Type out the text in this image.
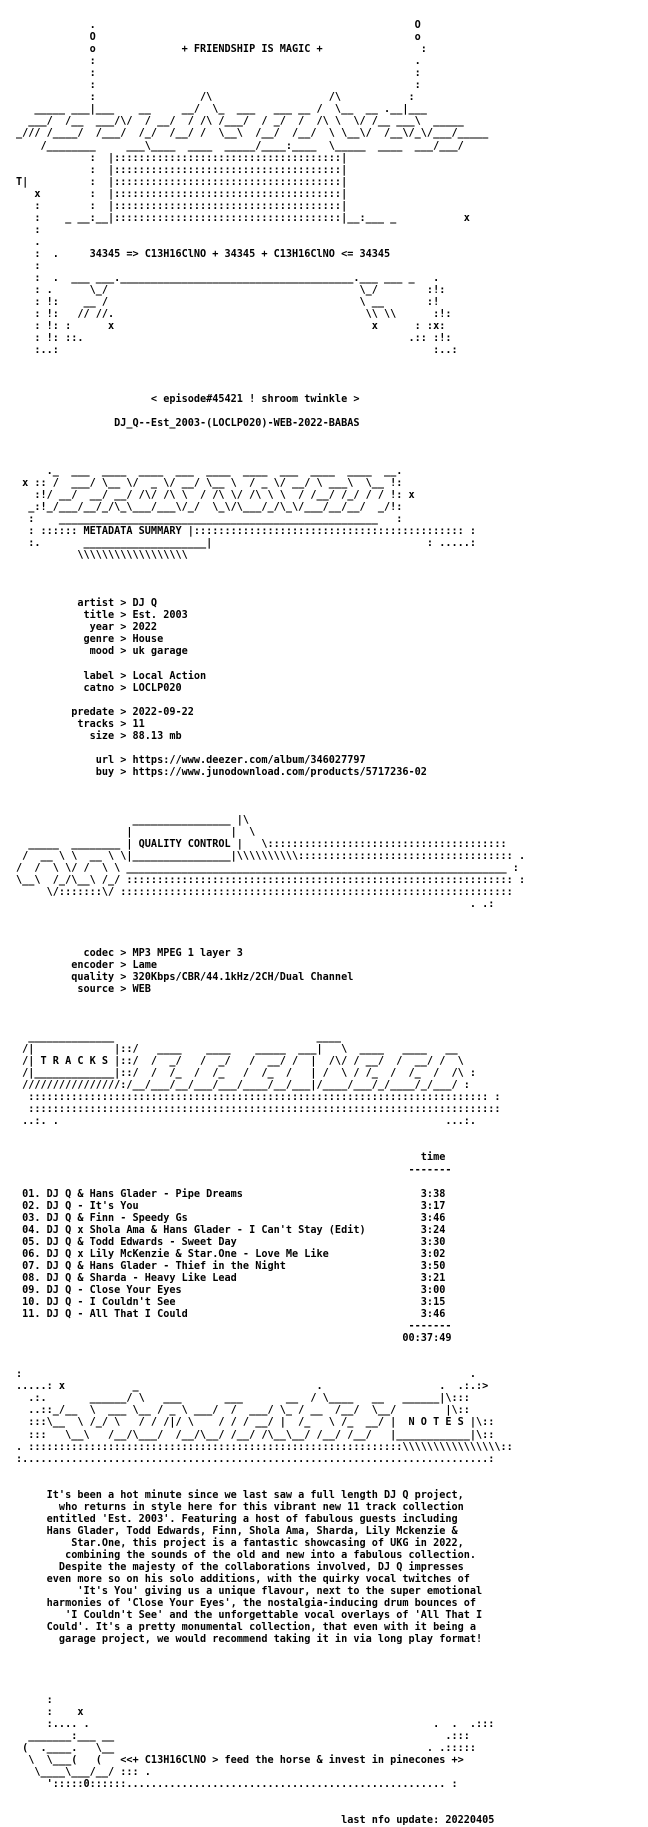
.                                                    O
O                                                    o
o              + FRIENDSHIP IS MAGIC +                :
:                                                    .
:                                                    :
:                                                    :
:                 /\                   /\           :
_____ ___|___    __     __/  \_  ___   ___ __ /  \__  __ .__|___
___/  /__  ___/\/  / __/  / /\ /___/  / _/  /  /\ \  \/ /__ ___\  _____
_/// /____/  /___/  /_/  /__/ /  \__\  /__/  /__/  \ \__\/  /__\/_\/___/_____
/________     ___\____  ____  _____/____:____  \_____  ____  ___/___/
:  |:::::::::::::::::::::::::::::::::::::|
:  |:::::::::::::::::::::::::::::::::::::|
T|          :  |:::::::::::::::::::::::::::::::::::::|
x        :  |:::::::::::::::::::::::::::::::::::::|
:        :  |:::::::::::::::::::::::::::::::::::::|
:    _ __:__|:::::::::::::::::::::::::::::::::::::|__:___ _           x
:
.
:  .     34345 => C13H16ClNO + 34345 + C13H16ClNO <= 34345
:
:  .  ___ ___.______________________________________.___ ___ _   .
: .      \_/                                         \_/        :!:
: !:    __ /                                         \ __       :!
: !:   // //.                                         \\ \\      :!:
: !: :      x                                          x      : :x:
: !: ::.                                                     .:: :!:
:..:                                                             :..:

< episode#45421 ! shroom twinkle >

DJ_Q--Est_2003-(LOCLP020)-WEB-2022-BABAS

._  ___  ____  ____  ___  ____  ____  ___  ____  ____  __.
x :: /  ___/ \__ \/  _ \/ __/ \__ \  / _ \/ __/ \ ___\  \__ !:
:!/ __/  __/ __/ /\/ /\ \  / /\ \/ /\ \ \  / /__/ /_/ / / !: x
_:!_/___/__/_/\_\___/___\/_/  \_\/\___/_/\_\/___/__/__/  _/!:
:    ____________________________________________________   :
: :::::: METADATA SUMMARY |:::::::::::::::::::::::::::::::::::::::::::: :
:.       ____________________|                                   : .....:
\\\\\\\\\\\\\\\\\\

artist > DJ Q
title > Est. 2003
year > 2022
genre > House
mood > uk garage

label > Local Action
catno > LOCLP020

predate > 2022-09-22
tracks > 11
size > 88.13 mb

url > https://www.deezer.com/album/346027797
buy > https://www.junodownload.com/products/5717236-02

________________ |\
|                |  \
_____  ________ | QUALITY CONTROL |   \:::::::::::::::::::::::::::::::::::::::
/  __ \ \  __ \ \|________________|\\\\\\\\\\::::::::::::::::::::::::::::::::::: .
/  /  \ \/ /  \ \ ______________________________________________________________ :
\__\  /_/\__\ /_/ ::::::::::::::::::::::::::::::::::::::::::::::::::::::::::::::: :
\/:::::::\/ ::::::::::::::::::::::::::::::::::::::::::::::::::::::::::::::::
. .:

codec > MP3 MPEG 1 layer 3
encoder > Lame
quality > 320Kbps/CBR/44.1kHz/2CH/Dual Channel
source > WEB

______________                                 ____
/|             |::/   ____    ____    _____  ___|   \  ____   ____   __
/| T R A C K S |::/  /  _/   /  _/   /  __/ /  |  /\/ / __/  /  __/ /  \
/|_____________|::/  /  /_  /  /_   /  /_  /   | /  \ / /_  /  /_  /  /\ :
////////////////:/__/___/__/___/___/____/__/___|/____/___/_/____/_/___/ :
::::::::::::::::::::::::::::::::::::::::::::::::::::::::::::::::::::::::::: :
:::::::::::::::::::::::::::::::::::::::::::::::::::::::::::::::::::::::::::::
..:. .                                                               ...:.

time
-------

01. DJ Q & Hans Glader - Pipe Dreams                             3:38
02. DJ Q - It's You                                              3:17
03. DJ Q & Finn - Speedy Gs                                      3:46
04. DJ Q x Shola Ama & Hans Glader - I Can't Stay (Edit)         3:24
05. DJ Q & Todd Edwards - Sweet Day                              3:30
06. DJ Q x Lily McKenzie & Star.One - Love Me Like               3:02
07. DJ Q & Hans Glader - Thief in the Night                      3:50
08. DJ Q & Sharda - Heavy Like Lead                              3:21
09. DJ Q - Close Your Eyes                                       3:00
10. DJ Q - I Couldn't See                                        3:15
11. DJ Q - All That I Could                                      3:46
-------
00:37:49

:                                                                         .
.....: x           _                             .                   .  .:.:>
.:.       ______/ \   ___       ___       __  / \____   __   ______|\:::
..::_/__  \  ___ \__ / _ \ ___/  /  ___/ \_ / __  /__/  \__/        |\::
:::\__  \ /_/ \   / / /|/ \    / / / __/ |  /_   \ /_  __/ |  N O T E S |\::
:::   \__\   /__/\___/  /__/\__/ /__/ /\__\__/ /__/ /__/   |____________|\::
. :::::::::::::::::::::::::::::::::::::::::::::::::::::::::::::\\\\\\\\\\\\\\\\::
:............................................................................:

It's been a hot minute since we last saw a full length DJ Q project,
who returns in style here for this vibrant new 11 track collection
entitled 'Est. 2003'. Featuring a host of fabulous guests including
Hans Glader, Todd Edwards, Finn, Shola Ama, Sharda, Lily Mckenzie &
Star.One, this project is a fantastic showcasing of UKG in 2022,
combining the sounds of the old and new into a fabulous collection.
Despite the majesty of the collaborations involved, DJ Q impresses
even more so on his solo additions, with the quirky vocal twitches of
'It's You' giving us a unique flavour, next to the super emotional
harmonies of 'Close Your Eyes', the nostalgia-inducing drum bounces of
'I Couldn't See' and the unforgettable vocal overlays of 'All That I
Could'. It's a pretty monumental collection, that even with it being a
garage project, we would recommend taking it in via long play format!

:
:    x
:.... .                                                        .  .  .:::
_______:___ __                                                      .:::
(  .____.   \__                                                   . .:::::
\  \___(   (   <<+ C13H16ClNO > feed the horse & invest in pinecones +>
\____\___/__/ ::: .
':::::0::::::.................................................... :

last nfo update: 20220405
